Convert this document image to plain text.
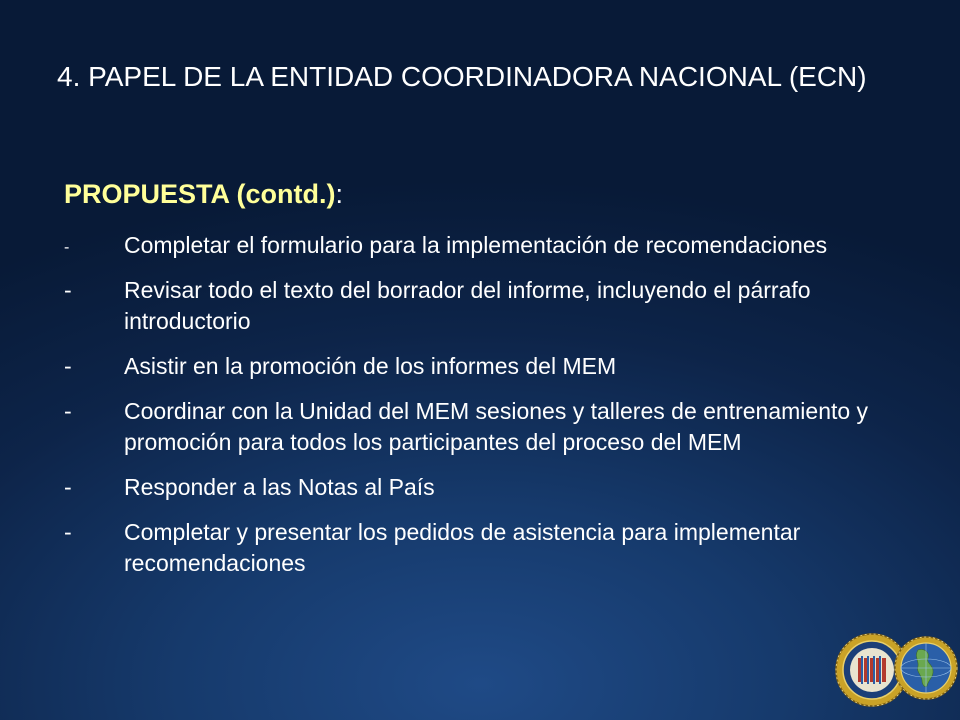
4. PAPEL DE LA ENTIDAD COORDINADORA NACIONAL (ECN)

PROPUESTA (contd.):

- Completar el formulario para la implementación de recomendaciones
- Revisar todo el texto del borrador del informe, incluyendo el párrafo introductorio
- Asistir en la promoción de los informes del MEM
- Coordinar con la Unidad del MEM sesiones y talleres de entrenamiento y promoción para todos los participantes del proceso del MEM
- Responder a las Notas al País
- Completar y presentar los pedidos de asistencia para implementar recomendaciones
